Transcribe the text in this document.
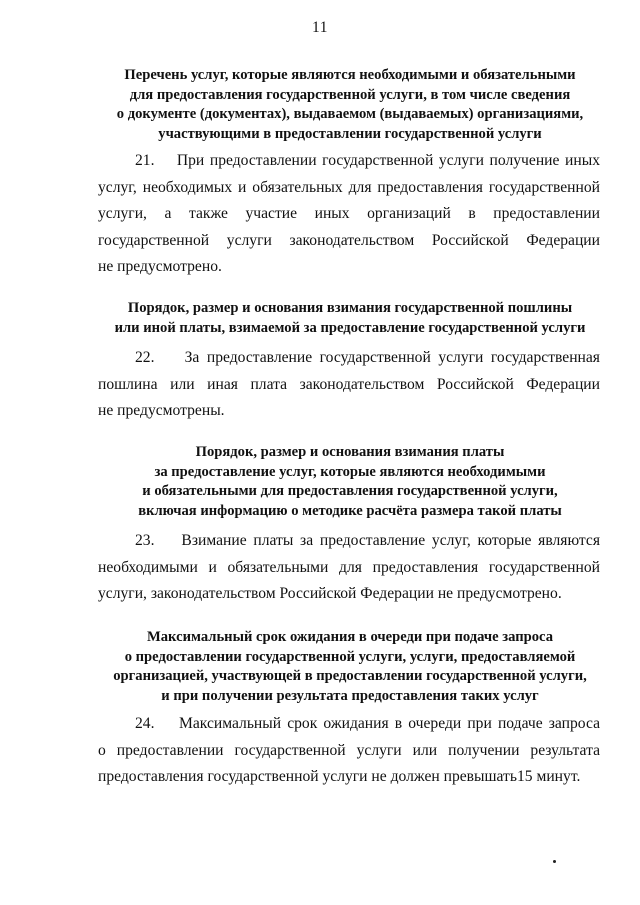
11
Перечень услуг, которые являются необходимыми и обязательными
для предоставления государственной услуги, в том числе сведения
о документе (документах), выдаваемом (выдаваемых) организациями,
участвующими в предоставлении государственной услуги
21.    При предоставлении государственной услуги получение иных
услуг, необходимых и обязательных для предоставления государственной
услуги, а также участие иных организаций в предоставлении
государственной услуги законодательством Российской Федерации
не предусмотрено.
Порядок, размер и основания взимания государственной пошлины
или иной платы, взимаемой за предоставление государственной услуги
22.    За предоставление государственной услуги государственная
пошлина или иная плата законодательством Российской Федерации
не предусмотрены.
Порядок, размер и основания взимания платы
за предоставление услуг, которые являются необходимыми
и обязательными для предоставления государственной услуги,
включая информацию о методике расчёта размера такой платы
23.    Взимание платы за предоставление услуг, которые являются
необходимыми и обязательными для предоставления государственной
услуги, законодательством Российской Федерации не предусмотрено.
Максимальный срок ожидания в очереди при подаче запроса
о предоставлении государственной услуги, услуги, предоставляемой
организацией, участвующей в предоставлении государственной услуги,
и при получении результата предоставления таких услуг
24.    Максимальный срок ожидания в очереди при подаче запроса
о предоставлении государственной услуги или получении результата
предоставления государственной услуги не должен превышать15 минут.
